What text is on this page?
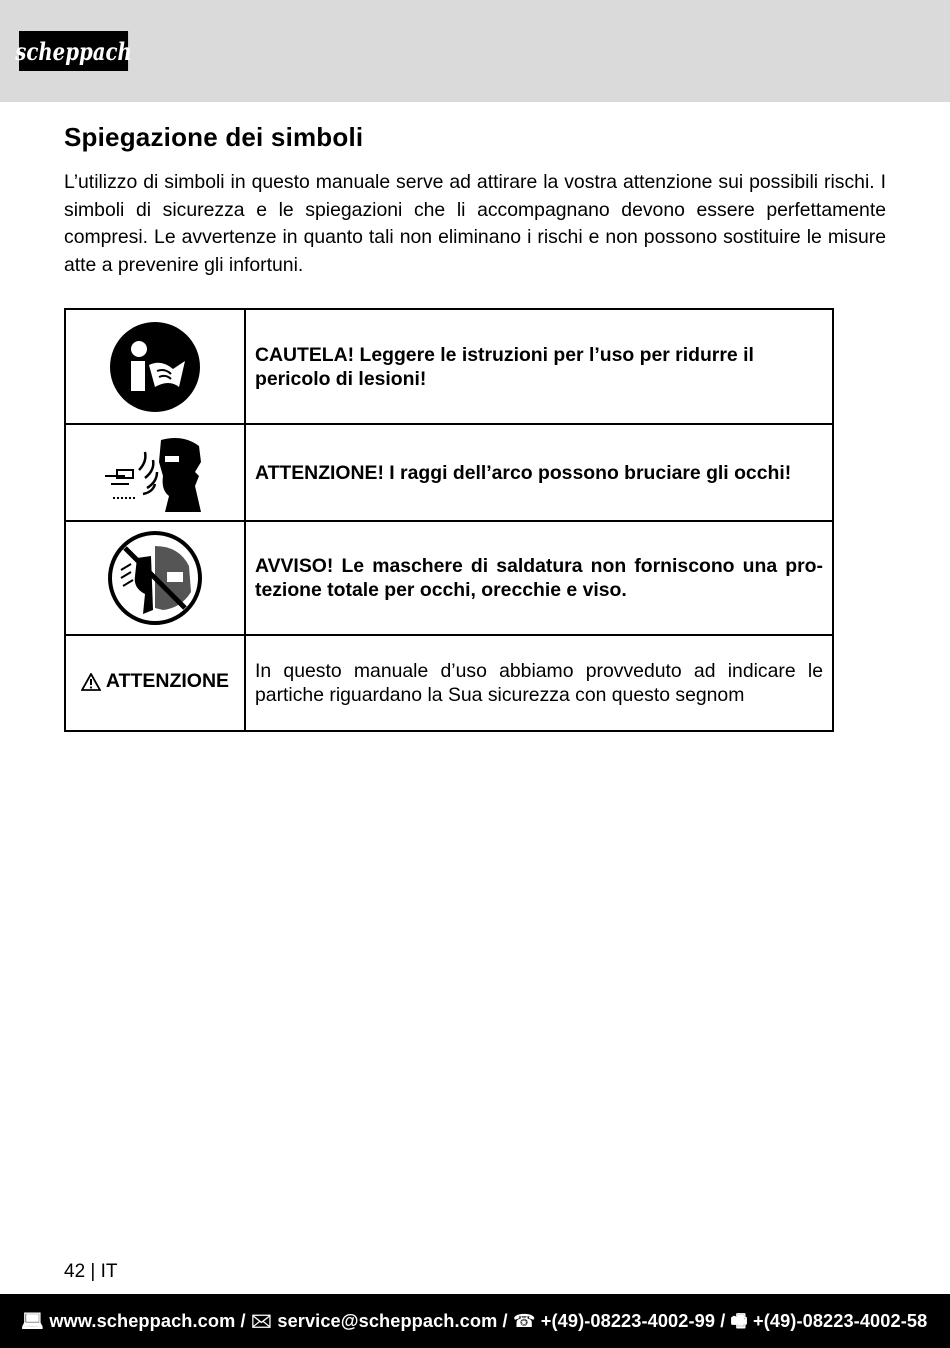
scheppach
Spiegazione dei simboli

L’utilizzo di simboli in questo manuale serve ad attirare la vostra attenzione sui possibili rischi. I simboli di sicurezza e le spiegazioni che li accompagnano devono essere perfettamente compresi. Le avvertenze in quanto tali non eliminano i rischi e non possono sostituire le misure atte a prevenire gli infortuni.

	CAUTELA! Leggere le istruzioni per l’uso per ridurre il pericolo di lesioni!

	ATTENZIONE! I raggi dell’arco possono bruciare gli occhi!

	AVVISO! Le maschere di saldatura non forniscono una protezione totale per occhi, orecchie e viso.

ATTENZIONE	In questo manuale d’uso abbiamo provveduto ad indicare le partiche riguardano la Sua sicurezza con questo segnom
42 | IT
💻︎ www.scheppach.com / 🖂︎ service@scheppach.com / ☎︎ +(49)-08223-4002-99 / 🖷︎ +(49)-08223-4002-58
